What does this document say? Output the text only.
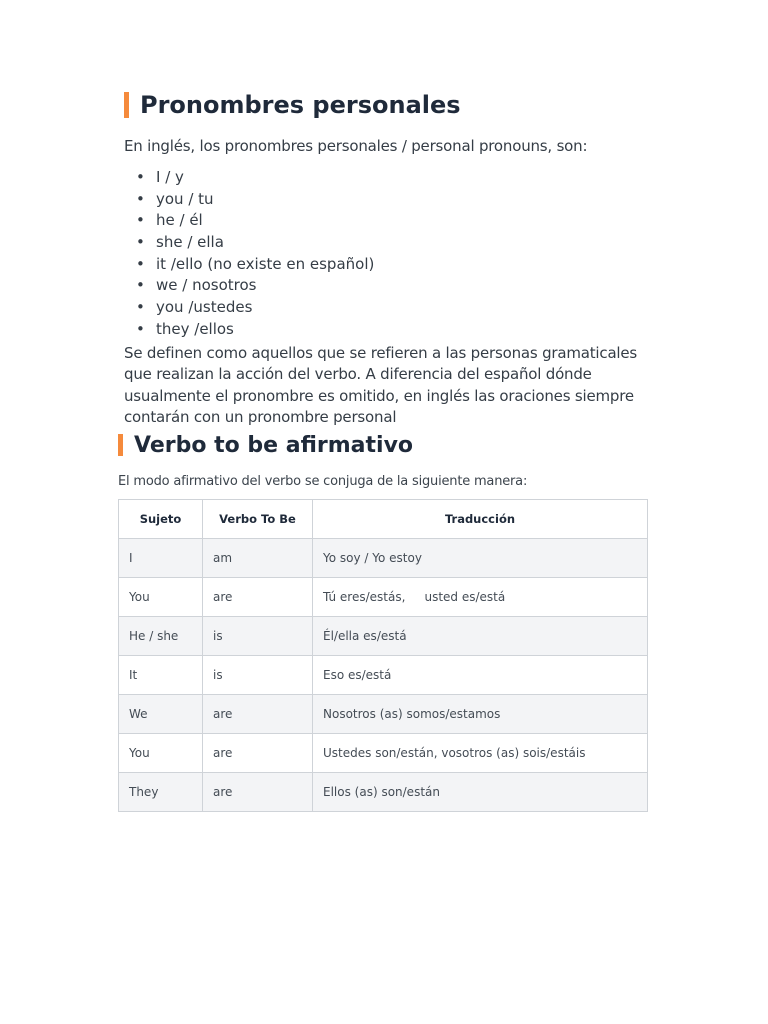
Pronombres personales
En inglés, los pronombres personales / personal pronouns, son:
• I / y
• you / tu
• he / él
• she / ella
• it /ello (no existe en español)
• we / nosotros
• you /ustedes
• they /ellos
Se definen como aquellos que se refieren a las personas gramaticales que realizan la acción del verbo. A diferencia del español dónde usualmente el pronombre es omitido, en inglés las oraciones siempre contarán con un pronombre personal
Verbo to be afirmativo
El modo afirmativo del verbo se conjuga de la siguiente manera:
Sujeto	Verbo To Be	Traducción
I	am	Yo soy / Yo estoy
You	are	Tú eres/estás,     usted es/está
He / she	is	Él/ella es/está
It	is	Eso es/está
We	are	Nosotros (as) somos/estamos
You	are	Ustedes son/están, vosotros (as) sois/estáis
They	are	Ellos (as) son/están
